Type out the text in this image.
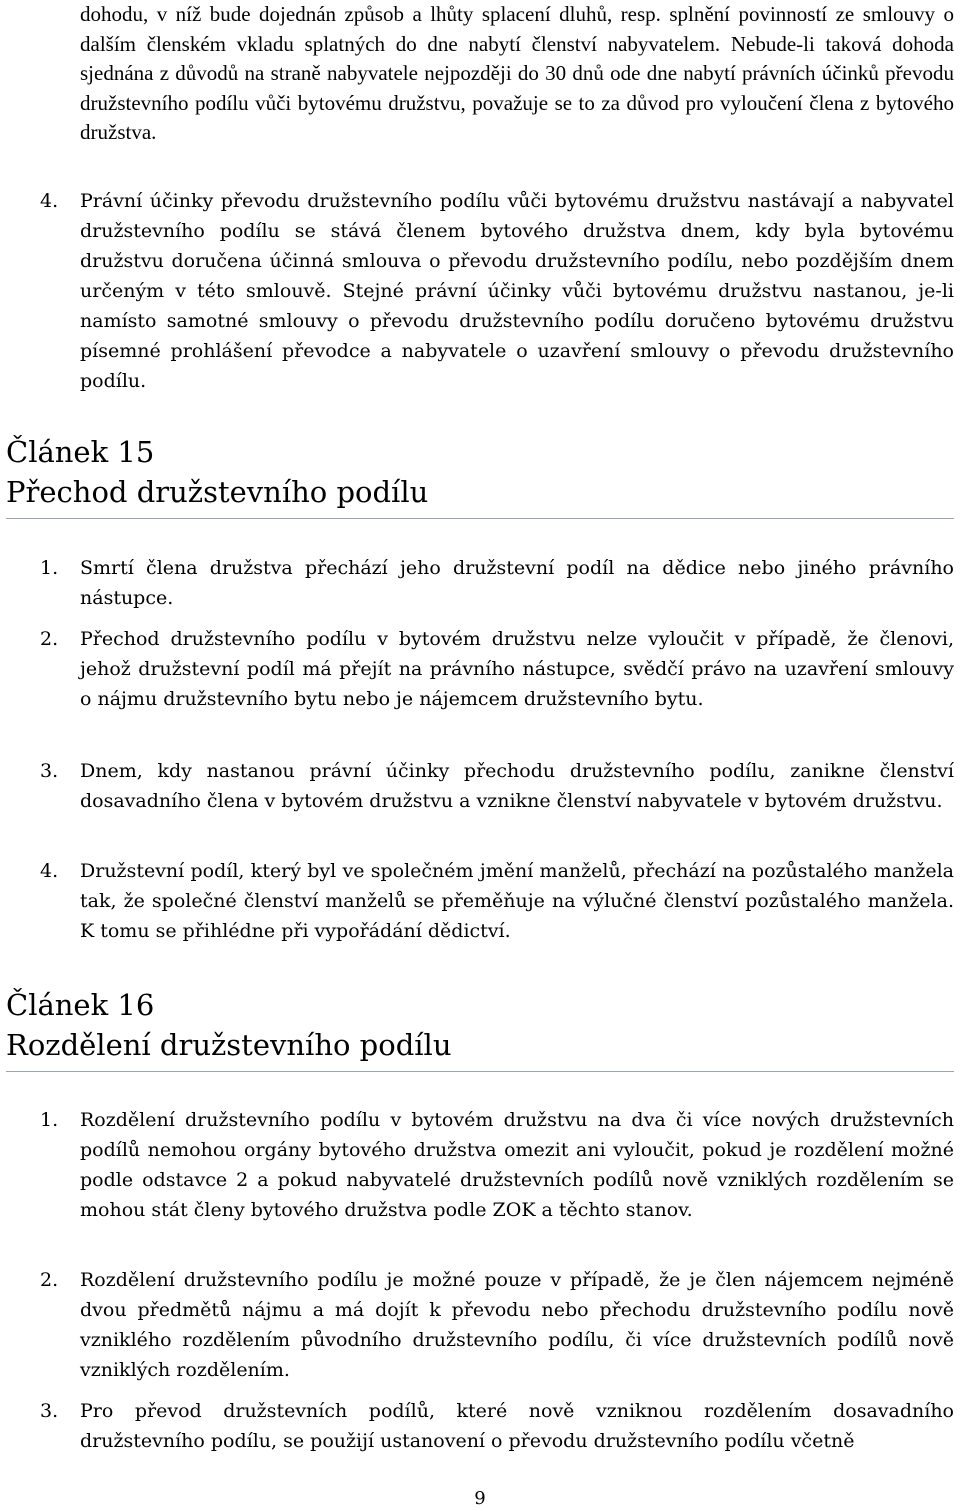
dohodu, v níž bude dojednán způsob a lhůty splacení dluhů, resp. splnění povinností ze smlouvy o dalším členském vkladu splatných do dne nabytí členství nabyvatelem. Nebude-li taková dohoda sjednána z důvodů na straně nabyvatele nejpozději do 30 dnů ode dne nabytí právních účinků převodu družstevního podílu vůči bytovému družstvu, považuje se to za důvod pro vyloučení člena z bytového družstva.
4. Právní účinky převodu družstevního podílu vůči bytovému družstvu nastávají a nabyvatel družstevního podílu se stává členem bytového družstva dnem, kdy byla bytovému družstvu doručena účinná smlouva o převodu družstevního podílu, nebo pozdějším dnem určeným v této smlouvě. Stejné právní účinky vůči bytovému družstvu nastanou, je-li namísto samotné smlouvy o převodu družstevního podílu doručeno bytovému družstvu písemné prohlášení převodce a nabyvatele o uzavření smlouvy o převodu družstevního podílu.
Článek 15
Přechod družstevního podílu
1. Smrtí člena družstva přechází jeho družstevní podíl na dědice nebo jiného právního nástupce.
2. Přechod družstevního podílu v bytovém družstvu nelze vyloučit v případě, že členovi, jehož družstevní podíl má přejít na právního nástupce, svědčí právo na uzavření smlouvy o nájmu družstevního bytu nebo je nájemcem družstevního bytu.
3. Dnem, kdy nastanou právní účinky přechodu družstevního podílu, zanikne členství dosavadního člena v bytovém družstvu a vznikne členství nabyvatele v bytovém družstvu.
4. Družstevní podíl, který byl ve společném jmění manželů, přechází na pozůstalého manžela tak, že společné členství manželů se přeměňuje na výlučné členství pozůstalého manžela. K tomu se přihlédne při vypořádání dědictví.
Článek 16
Rozdělení družstevního podílu
1. Rozdělení družstevního podílu v bytovém družstvu na dva či více nových družstevních podílů nemohou orgány bytového družstva omezit ani vyloučit, pokud je rozdělení možné podle odstavce 2 a pokud nabyvatelé družstevních podílů nově vzniklých rozdělením se mohou stát členy bytového družstva podle ZOK a těchto stanov.
2. Rozdělení družstevního podílu je možné pouze v případě, že je člen nájemcem nejméně dvou předmětů nájmu a má dojít k převodu nebo přechodu družstevního podílu nově vzniklého rozdělením původního družstevního podílu, či více družstevních podílů nově vzniklých rozdělením.
3. Pro převod družstevních podílů, které nově vzniknou rozdělením dosavadního družstevního podílu, se použijí ustanovení o převodu družstevního podílu včetně
9
